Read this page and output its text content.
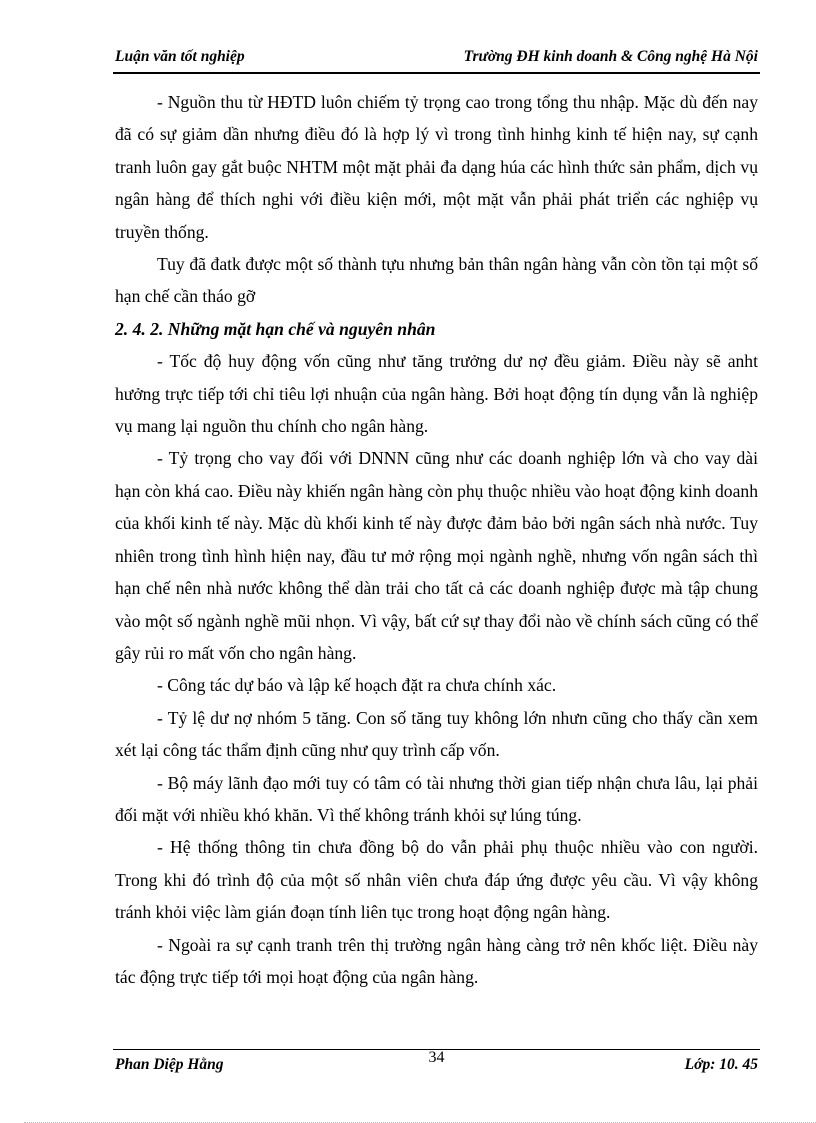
Luận văn tốt nghiệp	Trường ĐH kinh doanh & Công nghệ Hà Nội

- Nguồn thu từ HĐTD luôn chiếm tỷ trọng cao trong tổng thu nhập. Mặc dù đến nay đã có sự giảm dần nhưng điều đó là hợp lý vì trong tình hinhg kinh tế hiện nay, sự cạnh tranh luôn gay gắt buộc NHTM một mặt phải đa dạng húa các hình thức sản phẩm, dịch vụ ngân hàng để thích nghi với điều kiện mới, một mặt vẫn phải phát triển các nghiệp vụ truyền thống.

Tuy đã đatk được một số thành tựu nhưng bản thân ngân hàng vẫn còn tồn tại một số hạn chế cần tháo gỡ

2. 4. 2. Những mặt hạn chế và nguyên nhân

- Tốc độ huy động vốn cũng như tăng trưởng dư nợ đều giảm. Điều này sẽ anht hưởng trực tiếp tới chỉ tiêu lợi nhuận của ngân hàng. Bởi hoạt động tín dụng vẫn là nghiệp vụ mang lại nguồn thu chính cho ngân hàng.

- Tỷ trọng cho vay đối với DNNN cũng như các doanh nghiệp lớn và cho vay dài hạn còn khá cao. Điều này khiến ngân hàng còn phụ thuộc nhiều vào hoạt động kinh doanh của khối kinh tế này. Mặc dù khối kinh tế này được đảm bảo bởi ngân sách nhà nước. Tuy nhiên trong tình hình hiện nay, đầu tư mở rộng mọi ngành nghề, nhưng vốn ngân sách thì hạn chế nên nhà nước không thể dàn trải cho tất cả các doanh nghiệp được mà tập chung vào một số ngành nghề mũi nhọn. Vì vậy, bất cứ sự thay đổi nào về chính sách cũng có thể gây rủi ro mất vốn cho ngân hàng.

- Công tác dự báo và lập kế hoạch đặt ra chưa chính xác.

- Tỷ lệ dư nợ nhóm 5 tăng. Con số tăng tuy không lớn nhưn cũng cho thấy cần xem xét lại công tác thẩm định cũng như quy trình cấp vốn.

- Bộ máy lãnh đạo mới tuy có tâm có tài nhưng thời gian tiếp nhận chưa lâu, lại phải đối mặt với nhiều khó khăn. Vì thế không tránh khỏi sự lúng túng.

- Hệ thống thông tin chưa đồng bộ do vẫn phải phụ thuộc nhiều vào con người. Trong khi đó trình độ của một số nhân viên chưa đáp ứng được yêu cầu. Vì vậy không tránh khỏi việc làm gián đoạn tính liên tục trong hoạt động ngân hàng.

- Ngoài ra sự cạnh tranh trên thị trường ngân hàng càng trở nên khốc liệt. Điều này tác động trực tiếp tới mọi hoạt động của ngân hàng.

Phan Diệp Hằng	34	Lớp: 10. 45
